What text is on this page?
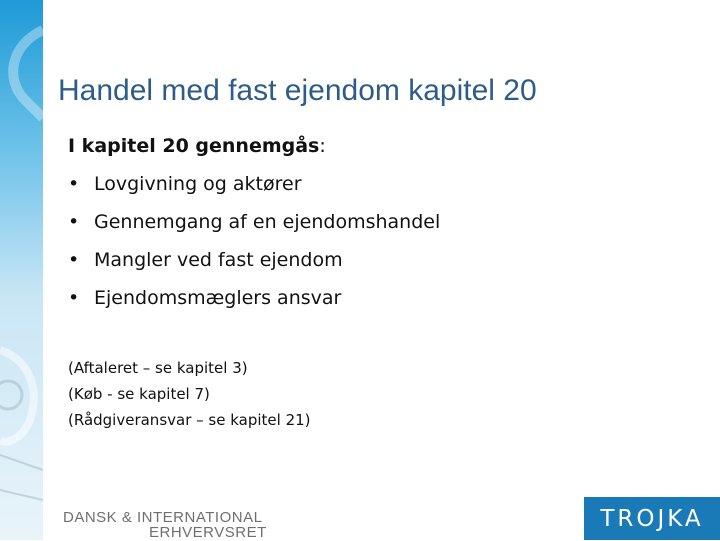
Handel med fast ejendom kapitel 20
I kapitel 20 gennemgås:
• Lovgivning og aktører
• Gennemgang af en ejendomshandel
• Mangler ved fast ejendom
• Ejendomsmæglers ansvar
(Aftaleret – se kapitel 3)
(Køb - se kapitel 7)
(Rådgiveransvar – se kapitel 21)
DANSK & INTERNATIONAL
ERHVERVSRET
TROJKA
